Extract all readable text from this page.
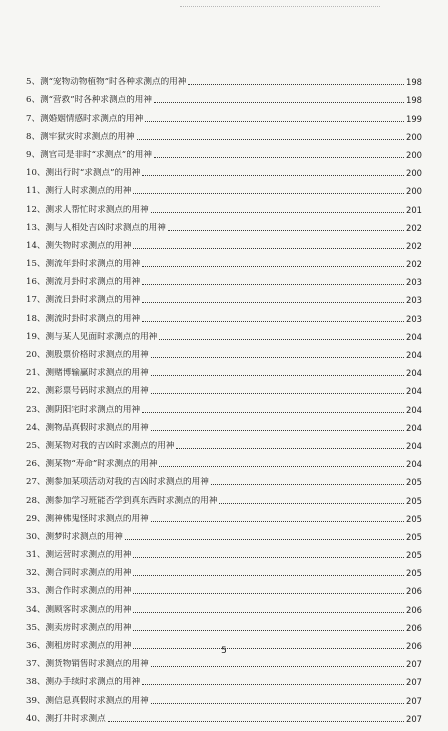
5、 测“宠物动物植物”时各种求测点的用神	198
6、 测“营救”时各种求测点的用神	198
7、 测婚姻情感时求测点的用神	199
8、 测牢狱灾时求测点的用神	200
9、 测官司是非时“求测点”的用神	200
10、 测出行时“求测点”的用神	200
11、 测行人时求测点的用神	200
12、 测求人帮忙时求测点的用神	201
13、 测与人相处吉凶时求测点的用神	202
14、 测失物时求测点的用神	202
15、 测流年卦时求测点的用神	202
16、 测流月卦时求测点的用神	203
17、 测流日卦时求测点的用神	203
18、 测流时卦时求测点的用神	203
19、 测与某人见面时求测点的用神	204
20、 测股票价格时求测点的用神	204
21、 测赌博输赢时求测点的用神	204
22、 测彩票号码时求测点的用神	204
23、 测阴阳宅时求测点的用神	204
24、 测物品真假时求测点的用神	204
25、 测某物对我的吉凶时求测点的用神	204
26、 测某物“寿命”时求测点的用神	204
27、 测参加某项活动对我的吉凶时求测点的用神	205
28、 测参加学习班能否学到真东西时求测点的用神	205
29、 测神佛鬼怪时求测点的用神	205
30、 测梦时求测点的用神	205
31、 测运营时求测点的用神	205
32、 测合同时求测点的用神	205
33、 测合作时求测点的用神	206
34、 测顾客时求测点的用神	206
35、 测卖房时求测点的用神	206
36、 测租房时求测点的用神	206
37、 测货物销售时求测点的用神	207
38、 测办手续时求测点的用神	207
39、 测信息真假时求测点的用神	207
40、 测打井时求测点	207
5
